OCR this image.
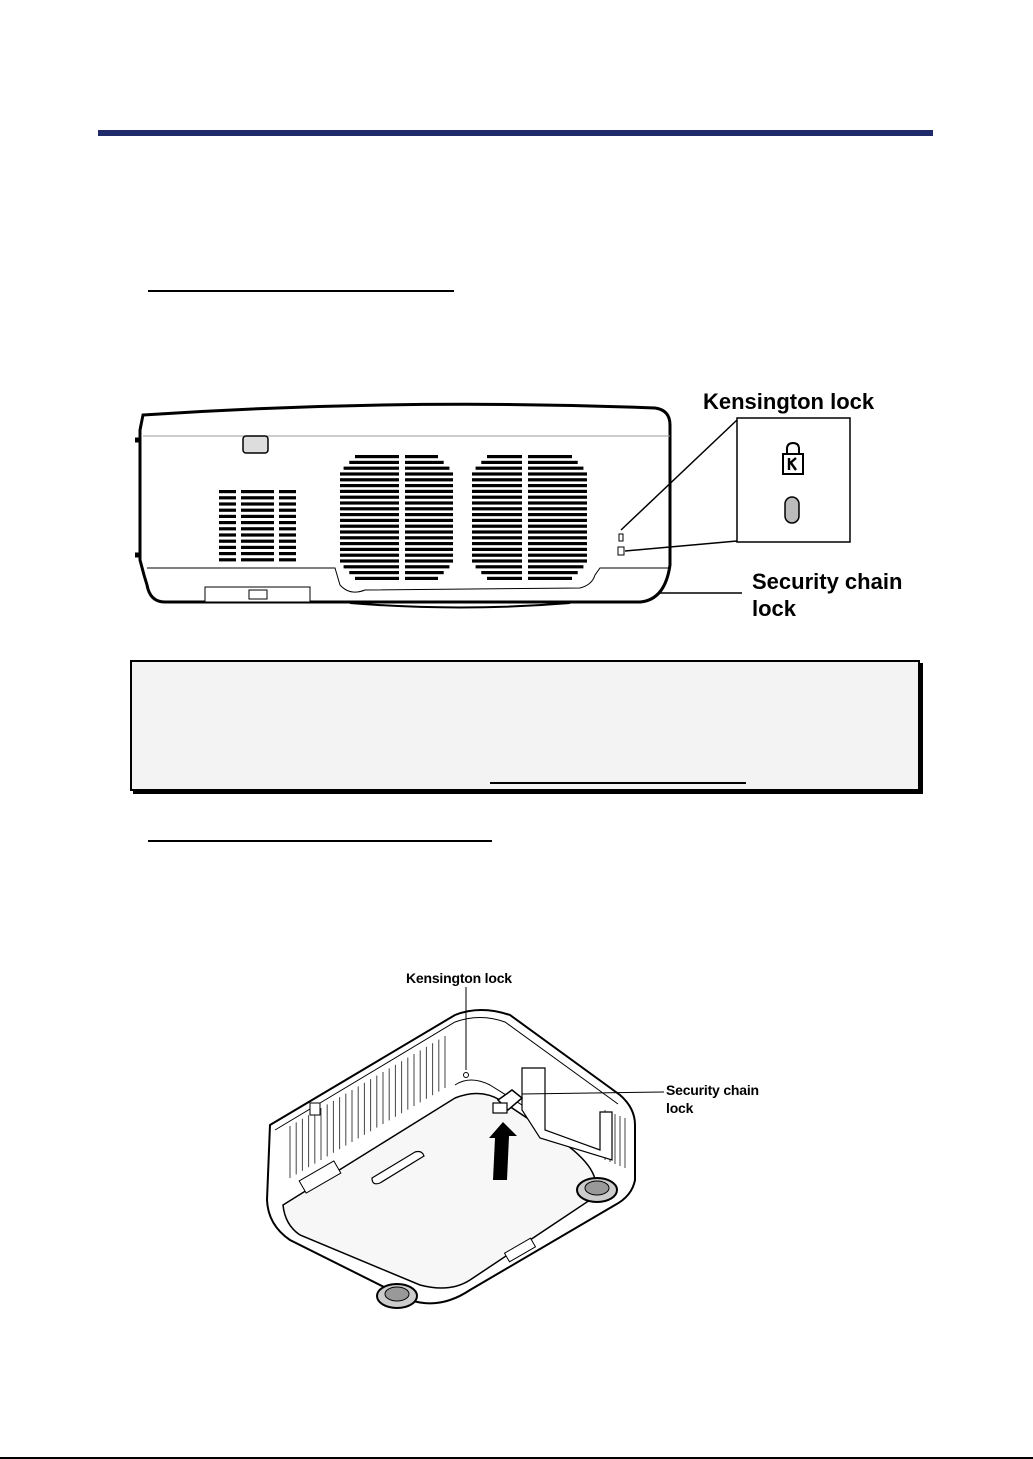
Kensington lock
Security chain
lock
Kensington lock
Security chain
lock
